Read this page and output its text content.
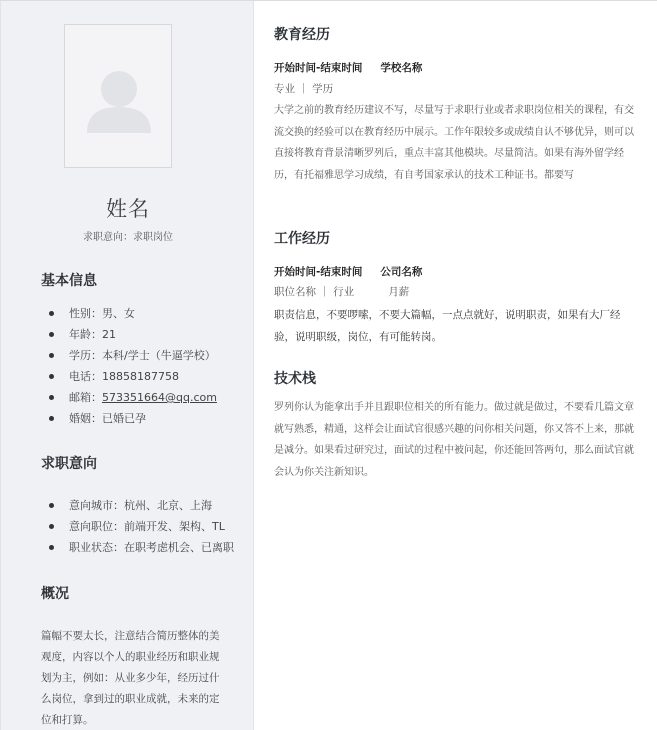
姓名
求职意向：求职岗位
基本信息
性别：男、女
年龄：21
学历：本科/学士（牛逼学校）
电话：18858187758
邮箱：573351664@qq.com
婚姻：已婚已孕
求职意向
意向城市：杭州、北京、上海
意向职位：前端开发、架构、TL
职业状态：在职考虑机会、已离职
概况
篇幅不要太长，注意结合简历整体的美观度，内容以个人的职业经历和职业规划为主，例如：从业多少年，经历过什么岗位，拿到过的职业成就，未来的定位和打算。
教育经历
开始时间-结束时间 学校名称
专业 ｜ 学历
大学之前的教育经历建议不写，尽量写于求职行业或者求职岗位相关的课程，有交流交换的经验可以在教育经历中展示。工作年限较多或成绩自认不够优异，则可以直接将教育背景清晰罗列后，重点丰富其他模块。尽量简洁。如果有海外留学经历，有托福雅思学习成绩，有自考国家承认的技术工种证书。都要写
工作经历
开始时间-结束时间 公司名称
职位名称 ｜ 行业	月薪
职责信息，不要啰嗦，不要大篇幅，一点点就好，说明职责，如果有大厂经验，说明职级，岗位，有可能转岗。
技术栈
罗列你认为能拿出手并且跟职位相关的所有能力。做过就是做过，不要看几篇文章就写熟悉，精通，这样会让面试官很感兴趣的问你相关问题，你又答不上来，那就是减分。如果看过研究过，面试的过程中被问起，你还能回答两句，那么面试官就会认为你关注新知识。
